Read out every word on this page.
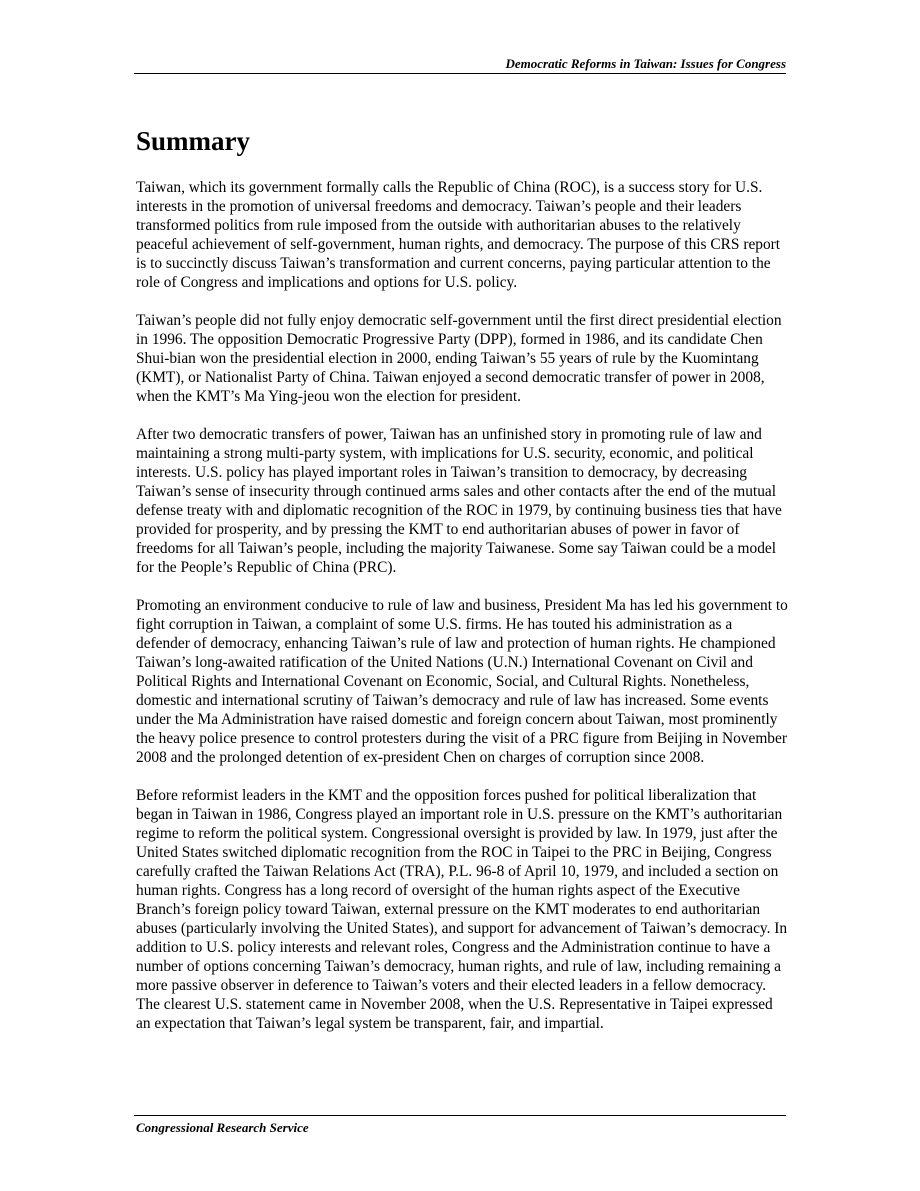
Democratic Reforms in Taiwan: Issues for Congress
Summary

Taiwan, which its government formally calls the Republic of China (ROC), is a success story for U.S. interests in the promotion of universal freedoms and democracy. Taiwan’s people and their leaders transformed politics from rule imposed from the outside with authoritarian abuses to the relatively peaceful achievement of self-government, human rights, and democracy. The purpose of this CRS report is to succinctly discuss Taiwan’s transformation and current concerns, paying particular attention to the role of Congress and implications and options for U.S. policy.

Taiwan’s people did not fully enjoy democratic self-government until the first direct presidential election in 1996. The opposition Democratic Progressive Party (DPP), formed in 1986, and its candidate Chen Shui-bian won the presidential election in 2000, ending Taiwan’s 55 years of rule by the Kuomintang (KMT), or Nationalist Party of China. Taiwan enjoyed a second democratic transfer of power in 2008, when the KMT’s Ma Ying-jeou won the election for president.

After two democratic transfers of power, Taiwan has an unfinished story in promoting rule of law and maintaining a strong multi-party system, with implications for U.S. security, economic, and political interests. U.S. policy has played important roles in Taiwan’s transition to democracy, by decreasing Taiwan’s sense of insecurity through continued arms sales and other contacts after the end of the mutual defense treaty with and diplomatic recognition of the ROC in 1979, by continuing business ties that have provided for prosperity, and by pressing the KMT to end authoritarian abuses of power in favor of freedoms for all Taiwan’s people, including the majority Taiwanese. Some say Taiwan could be a model for the People’s Republic of China (PRC).

Promoting an environment conducive to rule of law and business, President Ma has led his government to fight corruption in Taiwan, a complaint of some U.S. firms. He has touted his administration as a defender of democracy, enhancing Taiwan’s rule of law and protection of human rights. He championed Taiwan’s long-awaited ratification of the United Nations (U.N.) International Covenant on Civil and Political Rights and International Covenant on Economic, Social, and Cultural Rights. Nonetheless, domestic and international scrutiny of Taiwan’s democracy and rule of law has increased. Some events under the Ma Administration have raised domestic and foreign concern about Taiwan, most prominently the heavy police presence to control protesters during the visit of a PRC figure from Beijing in November 2008 and the prolonged detention of ex-president Chen on charges of corruption since 2008.

Before reformist leaders in the KMT and the opposition forces pushed for political liberalization that began in Taiwan in 1986, Congress played an important role in U.S. pressure on the KMT’s authoritarian regime to reform the political system. Congressional oversight is provided by law. In 1979, just after the United States switched diplomatic recognition from the ROC in Taipei to the PRC in Beijing, Congress carefully crafted the Taiwan Relations Act (TRA), P.L. 96-8 of April 10, 1979, and included a section on human rights. Congress has a long record of oversight of the human rights aspect of the Executive Branch’s foreign policy toward Taiwan, external pressure on the KMT moderates to end authoritarian abuses (particularly involving the United States), and support for advancement of Taiwan’s democracy. In addition to U.S. policy interests and relevant roles, Congress and the Administration continue to have a number of options concerning Taiwan’s democracy, human rights, and rule of law, including remaining a more passive observer in deference to Taiwan’s voters and their elected leaders in a fellow democracy. The clearest U.S. statement came in November 2008, when the U.S. Representative in Taipei expressed an expectation that Taiwan’s legal system be transparent, fair, and impartial.

Congressional Research Service
